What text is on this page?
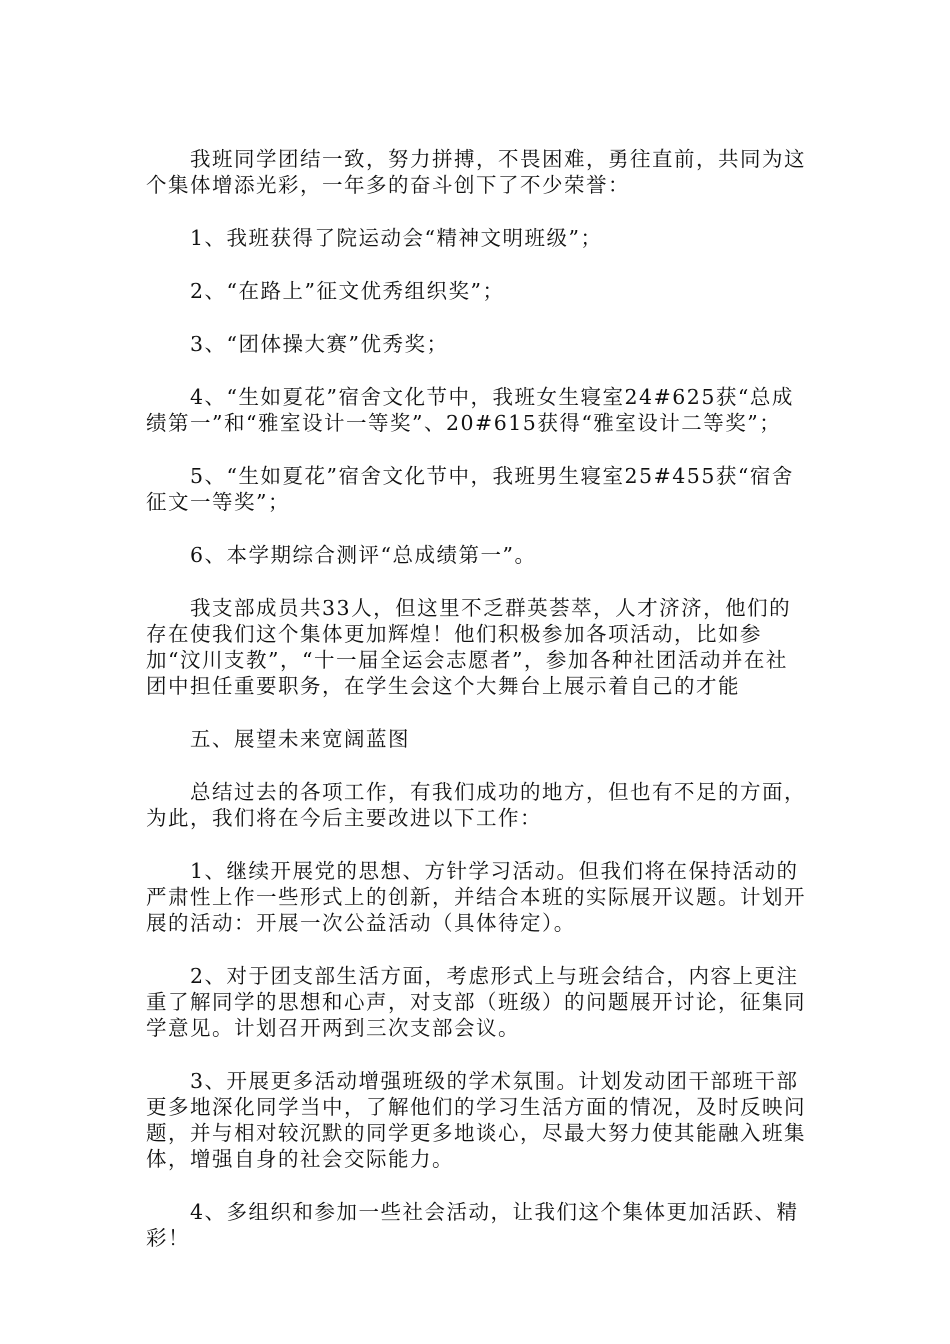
我班同学团结一致，努力拼搏，不畏困难，勇往直前，共同为这个集体增添光彩，一年多的奋斗创下了不少荣誉：

1、我班获得了院运动会“精神文明班级”；

2、“在路上”征文优秀组织奖”；

3、“团体操大赛”优秀奖；

4、“生如夏花”宿舍文化节中，我班女生寝室24#625获“总成绩第一”和“雅室设计一等奖”、20#615获得“雅室设计二等奖”；

5、“生如夏花”宿舍文化节中，我班男生寝室25#455获“宿舍征文一等奖”；

6、本学期综合测评“总成绩第一”。

我支部成员共33人，但这里不乏群英荟萃，人才济济，他们的存在使我们这个集体更加辉煌！他们积极参加各项活动，比如参加“汶川支教”，“十一届全运会志愿者”，参加各种社团活动并在社团中担任重要职务，在学生会这个大舞台上展示着自己的才能

五、展望未来宽阔蓝图

总结过去的各项工作，有我们成功的地方，但也有不足的方面，为此，我们将在今后主要改进以下工作：

1、继续开展党的思想、方针学习活动。但我们将在保持活动的严肃性上作一些形式上的创新，并结合本班的实际展开议题。计划开展的活动：开展一次公益活动（具体待定）。

2、对于团支部生活方面，考虑形式上与班会结合，内容上更注重了解同学的思想和心声，对支部（班级）的问题展开讨论，征集同学意见。计划召开两到三次支部会议。

3、开展更多活动增强班级的学术氛围。计划发动团干部班干部更多地深化同学当中，了解他们的学习生活方面的情况，及时反映问题，并与相对较沉默的同学更多地谈心，尽最大努力使其能融入班集体，增强自身的社会交际能力。

4、多组织和参加一些社会活动，让我们这个集体更加活跃、精彩！
